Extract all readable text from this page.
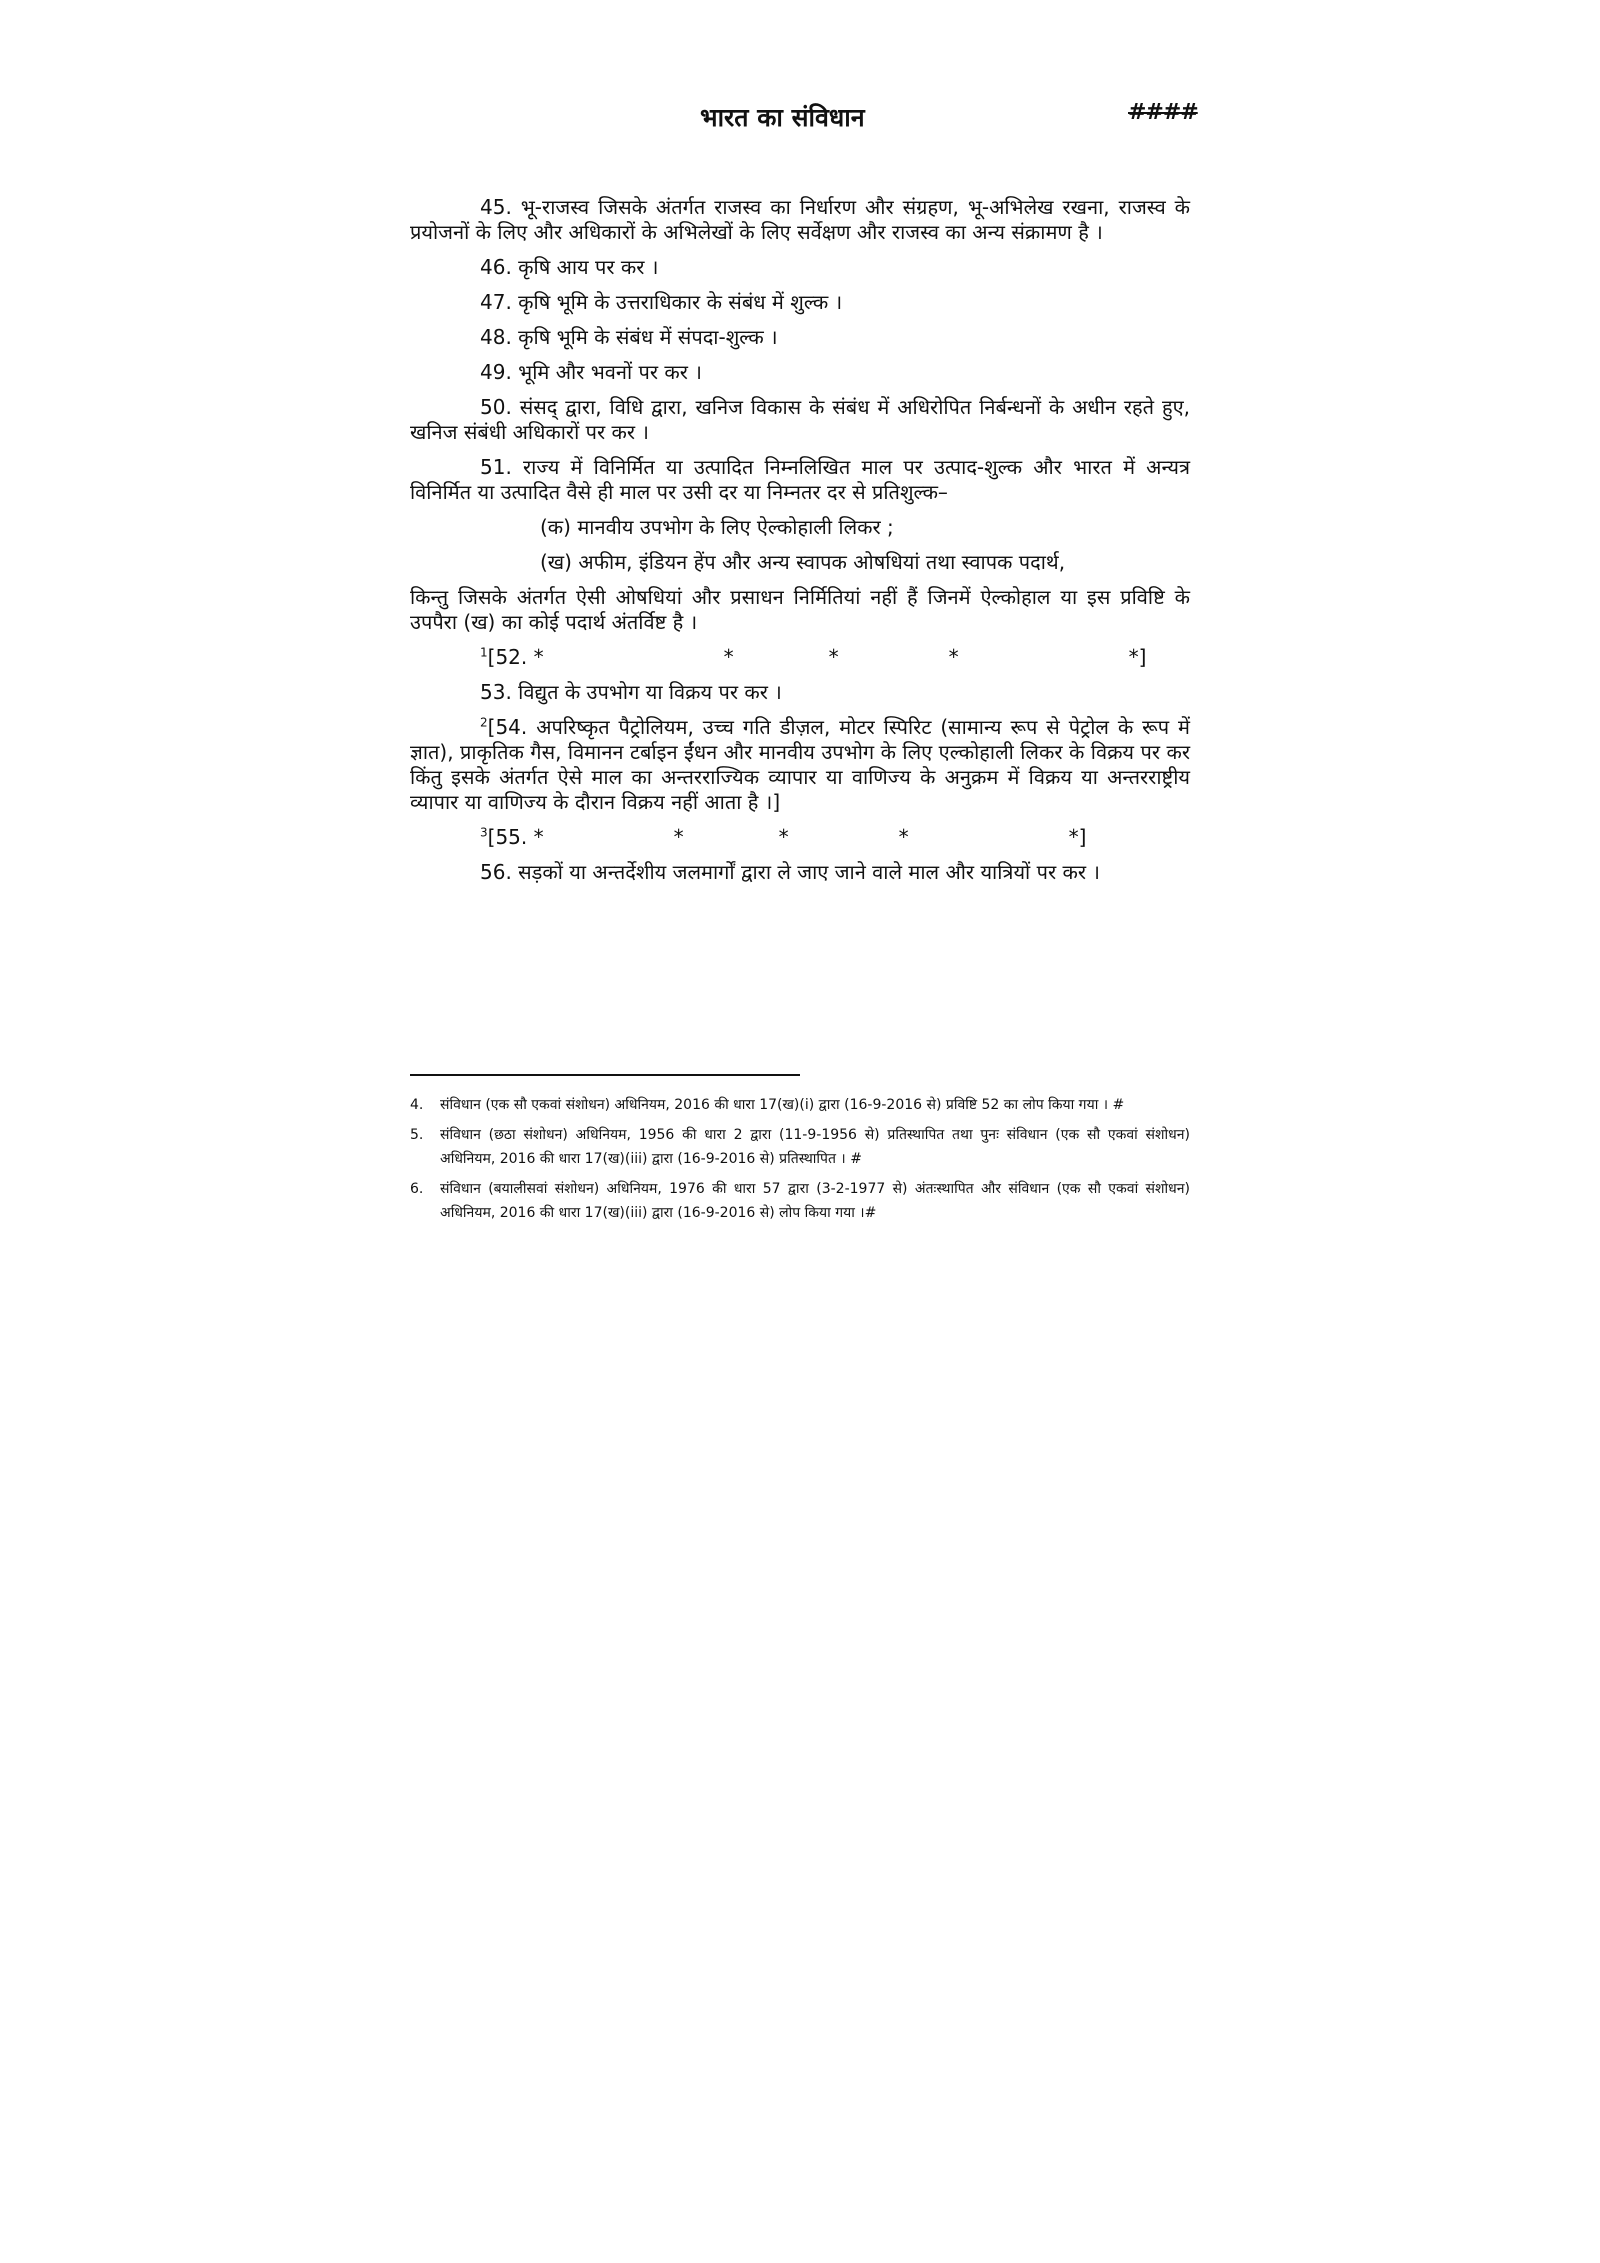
भारत का संविधान	####

45. भू-राजस्व जिसके अंतर्गत राजस्व का निर्धारण और संग्रहण, भू-अभिलेख रखना, राजस्व के प्रयोजनों के लिए और अधिकारों के अभिलेखों के लिए सर्वेक्षण और राजस्व का अन्य संक्रामण है ।

46. कृषि आय पर कर ।

47. कृषि भूमि के उत्तराधिकार के संबंध में शुल्क ।

48. कृषि भूमि के संबंध में संपदा-शुल्क ।

49. भूमि और भवनों पर कर ।

50. संसद् द्वारा, विधि द्वारा, खनिज विकास के संबंध में अधिरोपित निर्बन्धनों के अधीन रहते हुए, खनिज संबंधी अधिकारों पर कर ।

51. राज्य में विनिर्मित या उत्पादित निम्नलिखित माल पर उत्पाद-शुल्क और भारत में अन्यत्र विनिर्मित या उत्पादित वैसे ही माल पर उसी दर या निम्नतर दर से प्रतिशुल्क–

(क) मानवीय उपभोग के लिए ऐल्कोहाली लिकर ;

(ख) अफीम, इंडियन हेंप और अन्य स्वापक ओषधियां तथा स्वापक पदार्थ,

किन्तु जिसके अंतर्गत ऐसी ओषधियां और प्रसाधन निर्मितियां नहीं हैं जिनमें ऐल्कोहाल या इस प्रविष्टि के उपपैरा (ख) का कोई पदार्थ अंतर्विष्ट है ।

$^1$[52. *	*	*	*	*]

53. विद्युत के उपभोग या विक्रय पर कर ।

$^2$[54. अपरिष्कृत पैट्रोलियम, उच्च गति डीज़ल, मोटर स्पिरिट (सामान्य रूप से पेट्रोल के रूप में ज्ञात), प्राकृतिक गैस, विमानन टर्बाइन ईंधन और मानवीय उपभोग के लिए एल्कोहाली लिकर के विक्रय पर कर किंतु इसके अंतर्गत ऐसे माल का अन्तरराज्यिक व्यापार या वाणिज्य के अनुक्रम में विक्रय या अन्तरराष्ट्रीय व्यापार या वाणिज्य के दौरान विक्रय नहीं आता है ।]

$^3$[55. *	*	*	*	*]

56. सड़कों या अन्तर्देशीय जलमार्गों द्वारा ले जाए जाने वाले माल और यात्रियों पर कर ।

4. संविधान (एक सौ एकवां संशोधन) अधिनियम, 2016 की धारा 17(ख)(i) द्वारा (16-9-2016 से) प्रविष्टि 52 का लोप किया गया । #

5. संविधान (छठा संशोधन) अधिनियम, 1956 की धारा 2 द्वारा (11-9-1956 से) प्रतिस्थापित तथा पुनः संविधान (एक सौ एकवां संशोधन) अधिनियम, 2016 की धारा 17(ख)(iii) द्वारा (16-9-2016 से) प्रतिस्थापित । #

6. संविधान (बयालीसवां संशोधन) अधिनियम, 1976 की धारा 57 द्वारा (3-2-1977 से) अंतःस्थापित और संविधान (एक सौ एकवां संशोधन) अधिनियम, 2016 की धारा 17(ख)(iii) द्वारा (16-9-2016 से) लोप किया गया ।#
